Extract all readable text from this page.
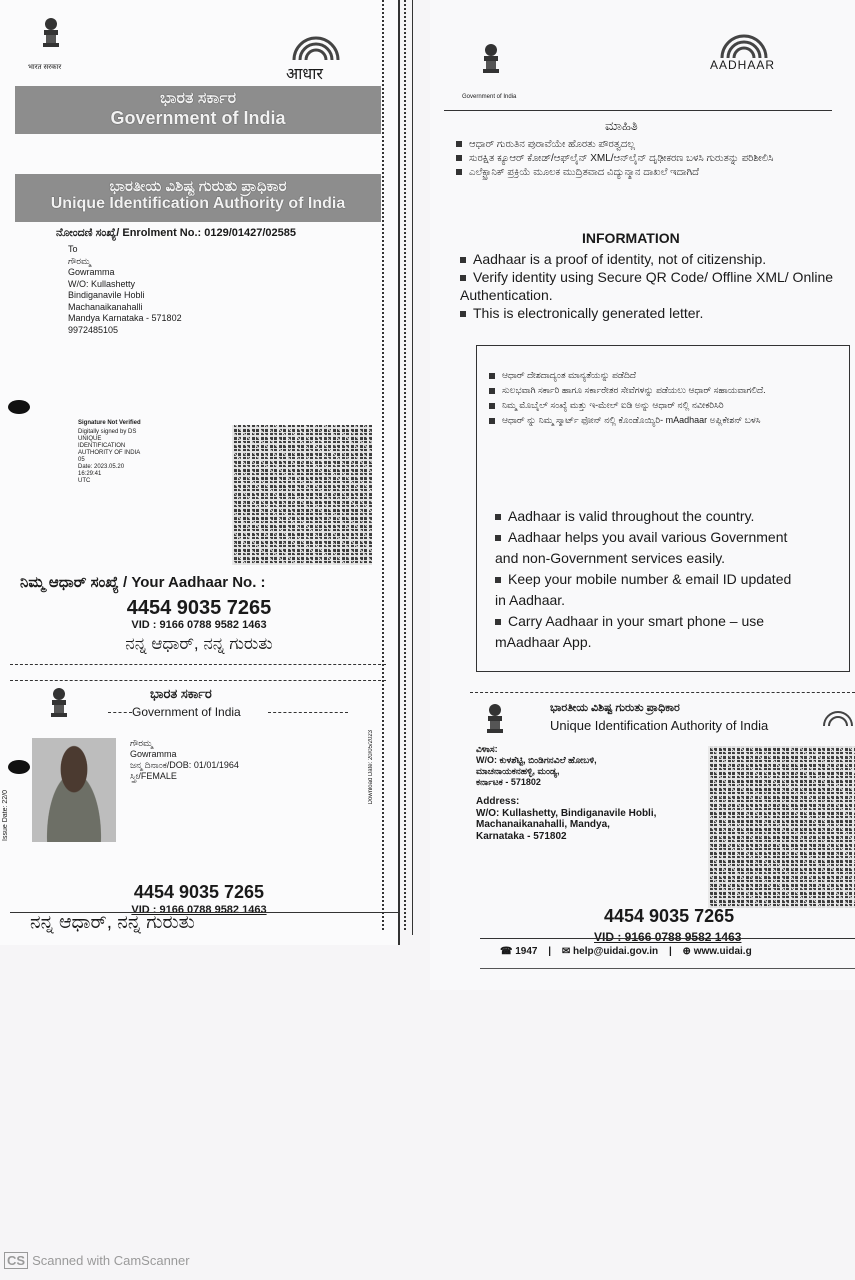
भारत सरकार	आधार
ಭಾರತ ಸರ್ಕಾರ
Government of India
ಭಾರತೀಯ ವಿಶಿಷ್ಟ ಗುರುತು ಪ್ರಾಧಿಕಾರ
Unique Identification Authority of India
ನೋಂದಣಿ ಸಂಖ್ಯೆ/ Enrolment No.: 0129/01427/02585
To
ಗೌರಮ್ಮ
Gowramma
W/O: Kullashetty
Bindiganavile Hobli
Machanaikanahalli
Mandya Karnataka - 571802
9972485105
Signature Not Verified
Digitally signed by DS
UNIQUE IDENTIFICATION
AUTHORITY OF INDIA 05
Date: 2023.05.20 16:29:41
UTC
ನಿಮ್ಮ ಆಧಾರ್ ಸಂಖ್ಯೆ / Your Aadhaar No. :
4454 9035 7265
VID : 9166 0788 9582 1463
ನನ್ನ ಆಧಾರ್, ನನ್ನ ಗುರುತು
ಭಾರತ ಸರ್ಕಾರ
Government of India
Issue Date: 22/0
ಗೌರಮ್ಮ
Gowramma
ಜನ್ಮ ದಿನಾಂಕ/DOB: 01/01/1964
ಸ್ತ್ರೀ/FEMALE	Download Date: 20/05/2023
4454 9035 7265
VID : 9166 0788 9582 1463
ನನ್ನ ಆಧಾರ್, ನನ್ನ ಗುರುತು
Government of India
AADHAAR
ಮಾಹಿತಿ
ಆಧಾರ್ ಗುರುತಿನ ಪುರಾವೆಯೇ ಹೊರತು ಪೌರತ್ವದಲ್ಲ
ಸುರಕ್ಷಿತ ಕ್ಯೂಆರ್ ಕೋಡ್/ಆಫ್‌ಲೈನ್ XML/ಆನ್‌ಲೈನ್ ದೃಢೀಕರಣ ಬಳಸಿ ಗುರುತನ್ನು ಪರಿಶೀಲಿಸಿ
ಎಲೆಕ್ಟ್ರಾನಿಕ್ ಪ್ರಕ್ರಿಯೆ ಮೂಲಕ ಮುದ್ರಿತವಾದ ವಿದ್ಯುನ್ಮಾನ ದಾಖಲೆ ಇದಾಗಿದೆ
INFORMATION
Aadhaar is a proof of identity, not of citizenship.
Verify identity using Secure QR Code/ Offline XML/ Online Authentication.
This is electronically generated letter.
ಆಧಾರ್ ದೇಶದಾದ್ಯಂತ ಮಾನ್ಯತೆಯನ್ನು ಪಡೆದಿದೆ
ಸುಲಭವಾಗಿ ಸರ್ಕಾರಿ ಹಾಗೂ ಸರ್ಕಾರೇತರ ಸೇವೆಗಳನ್ನು ಪಡೆಯಲು ಆಧಾರ್ ಸಹಾಯವಾಗಲಿದೆ.
ನಿಮ್ಮ ಮೊಬೈಲ್ ಸಂಖ್ಯೆ ಮತ್ತು ಇ-ಮೇಲ್ ಐಡಿ ಅನ್ನು ಆಧಾರ್ ನಲ್ಲಿ ನವೀಕರಿಸಿರಿ
ಆಧಾರ್ ನ್ನು ನಿಮ್ಮ ಸ್ಮಾರ್ಟ್ ಫೋನ್ ನಲ್ಲಿ ಕೊಂಡೊಯ್ಯಿರಿ- mAadhaar ಅಪ್ಲಿಕೇಶನ್ ಬಳಸಿ
Aadhaar is valid throughout the country.
Aadhaar helps you avail various Government and non-Government services easily.
Keep your mobile number & email ID updated in Aadhaar.
Carry Aadhaar in your smart phone – use mAadhaar App.
ಭಾರತೀಯ ವಿಶಿಷ್ಟ ಗುರುತು ಪ್ರಾಧಿಕಾರ
Unique Identification Authority of India
ವಿಳಾಸ:
W/O: ಕುಳಶೆಟ್ಟಿ, ಬಿಂಡಿಗನವಿಲೆ ಹೋಬಳಿ,
ಮಾಚನಾಯಕನಹಳ್ಳಿ, ಮಂಡ್ಯ,
ಕರ್ನಾಟಕ - 571802
Address:
W/O: Kullashetty, Bindiganavile Hobli,
Machanaikanahalli, Mandya,
Karnataka - 571802
4454 9035 7265
VID : 9166 0788 9582 1463
☎ 1947 | ✉ help@uidai.gov.in | ⊕ www.uidai.g
CS Scanned with CamScanner
